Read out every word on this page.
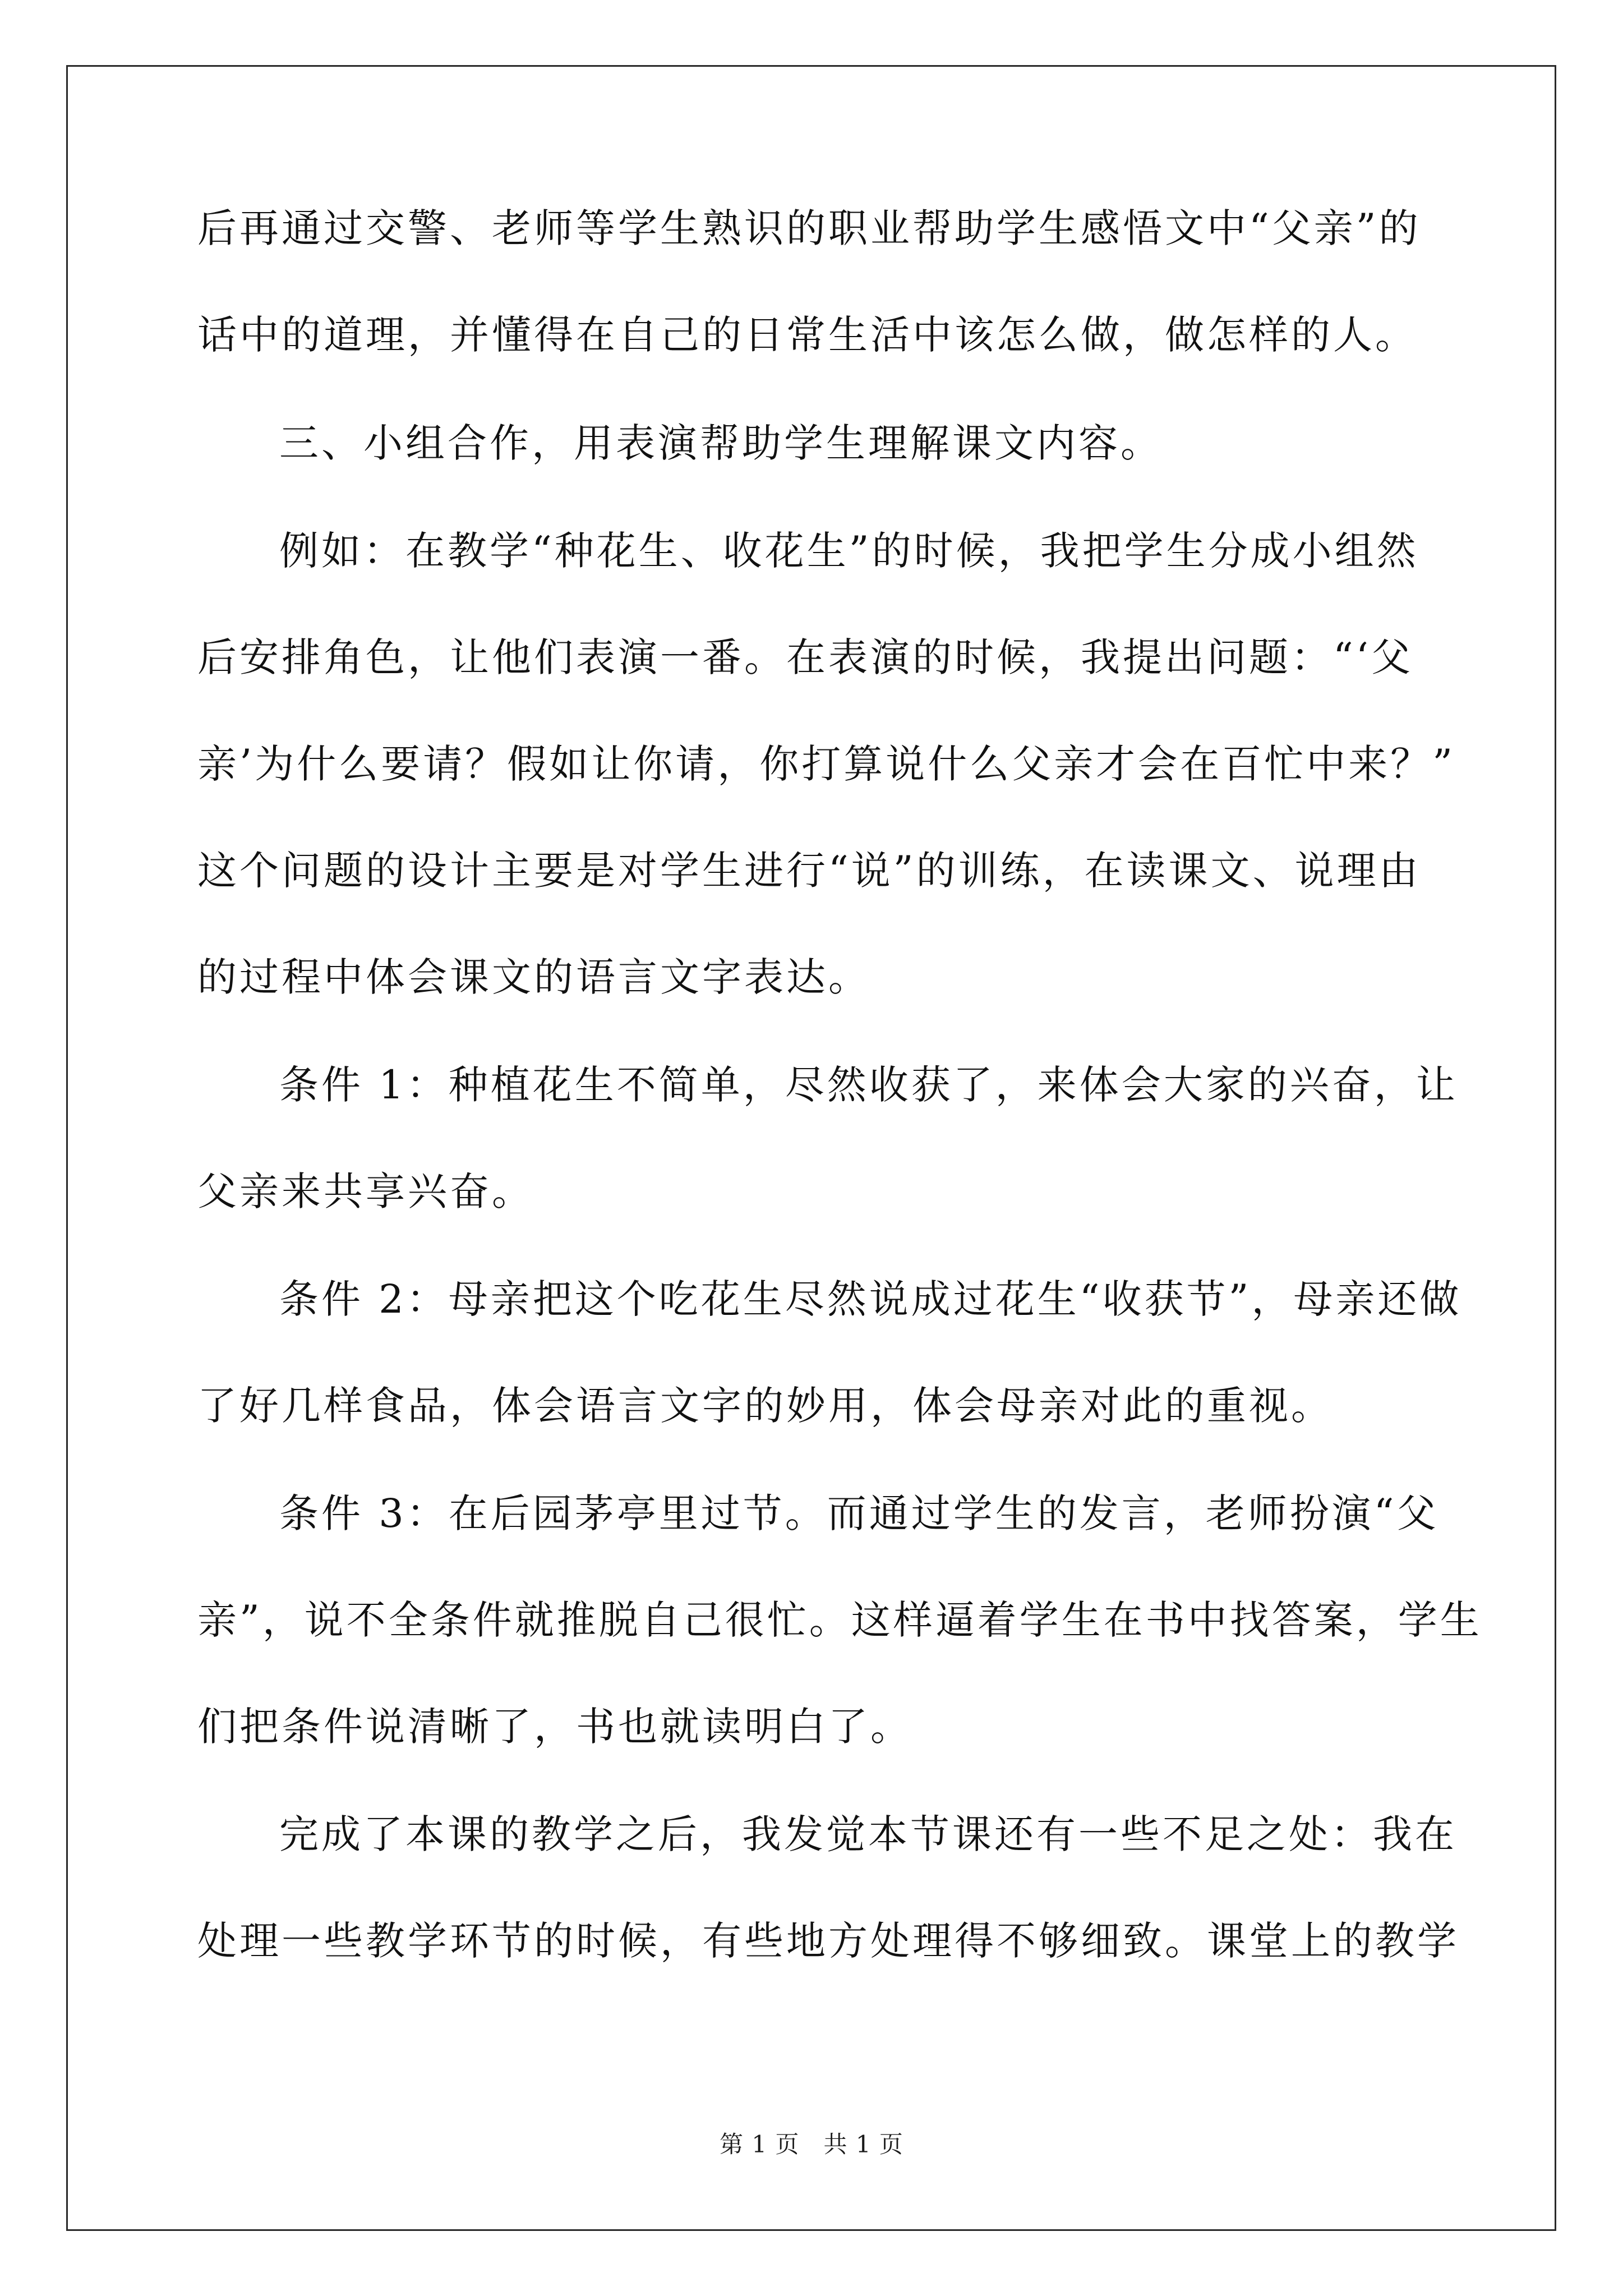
后再通过交警、老师等学生熟识的职业帮助学生感悟文中“父亲”的
话中的道理，并懂得在自己的日常生活中该怎么做，做怎样的人。
三、小组合作，用表演帮助学生理解课文内容。
例如：在教学“种花生、收花生”的时候，我把学生分成小组然
后安排角色，让他们表演一番。在表演的时候，我提出问题：“‘父
亲’为什么要请？假如让你请，你打算说什么父亲才会在百忙中来？”
这个问题的设计主要是对学生进行“说”的训练，在读课文、说理由
的过程中体会课文的语言文字表达。
条件 1：种植花生不简单，尽然收获了，来体会大家的兴奋，让
父亲来共享兴奋。
条件 2：母亲把这个吃花生尽然说成过花生“收获节”，母亲还做
了好几样食品，体会语言文字的妙用，体会母亲对此的重视。
条件 3：在后园茅亭里过节。而通过学生的发言，老师扮演“父
亲”，说不全条件就推脱自己很忙。这样逼着学生在书中找答案，学生
们把条件说清晰了，书也就读明白了。
完成了本课的教学之后，我发觉本节课还有一些不足之处：我在
处理一些教学环节的时候，有些地方处理得不够细致。课堂上的教学
第 1 页　共 1 页
